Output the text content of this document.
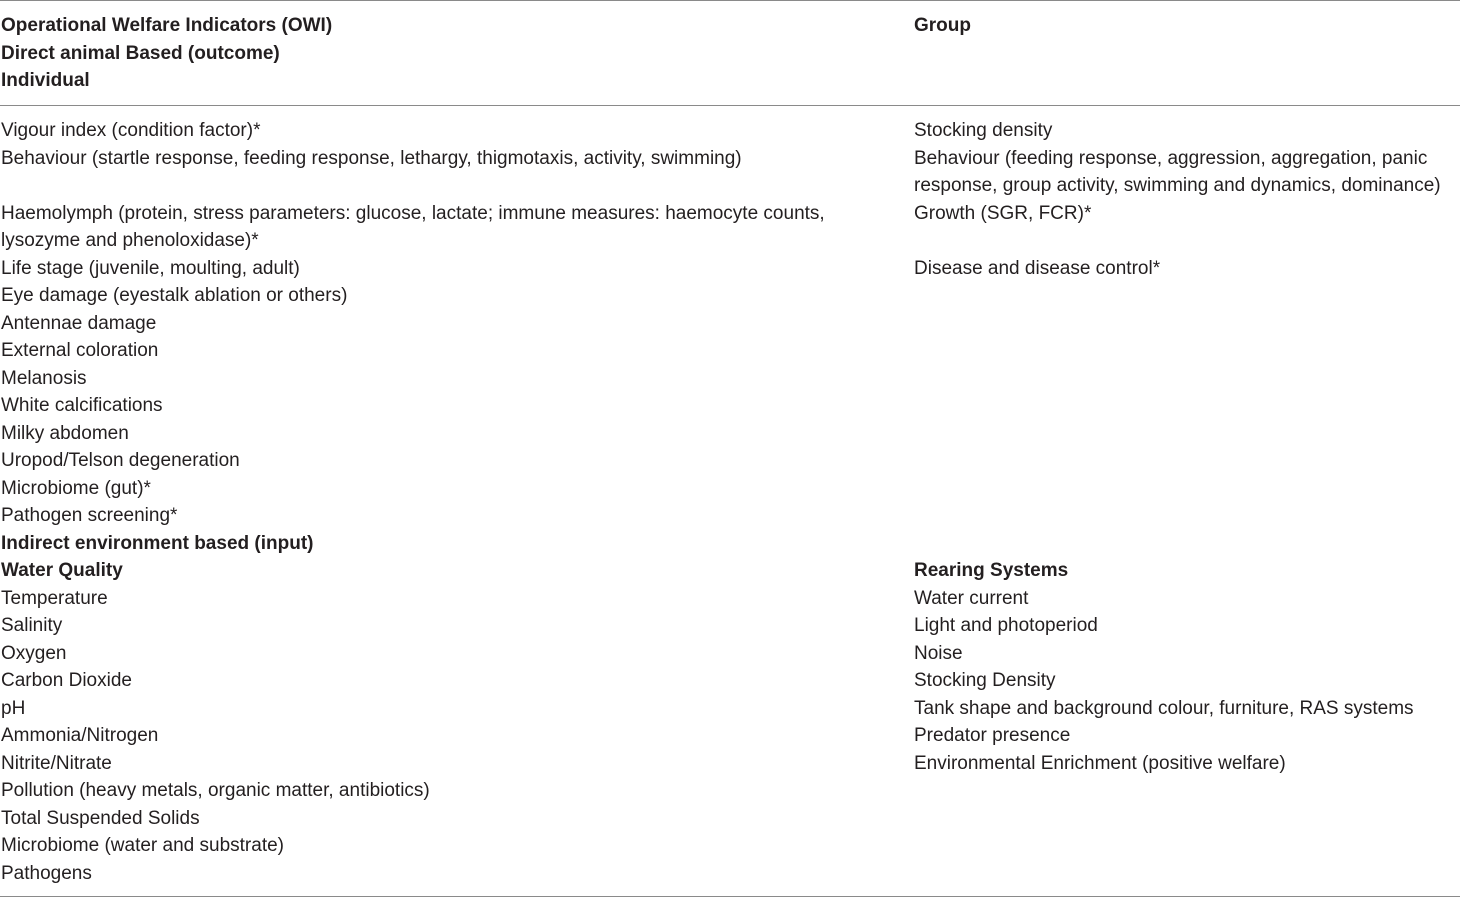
Operational Welfare Indicators (OWI)
Direct animal Based (outcome)
Individual
Group
Vigour index (condition factor)*
Behaviour (startle response, feeding response, lethargy, thigmotaxis, activity, swimming)
Haemolymph (protein, stress parameters: glucose, lactate; immune measures: haemocyte counts, lysozyme and phenoloxidase)*
Life stage (juvenile, moulting, adult)
Eye damage (eyestalk ablation or others)
Antennae damage
External coloration
Melanosis
White calcifications
Milky abdomen
Uropod/Telson degeneration
Microbiome (gut)*
Pathogen screening*
Indirect environment based (input)
Water Quality
Temperature
Salinity
Oxygen
Carbon Dioxide
pH
Ammonia/Nitrogen
Nitrite/Nitrate
Pollution (heavy metals, organic matter, antibiotics)
Total Suspended Solids
Microbiome (water and substrate)
Pathogens
Stocking density
Behaviour (feeding response, aggression, aggregation, panic response, group activity, swimming and dynamics, dominance)
Growth (SGR, FCR)*
Disease and disease control*
Rearing Systems
Water current
Light and photoperiod
Noise
Stocking Density
Tank shape and background colour, furniture, RAS systems
Predator presence
Environmental Enrichment (positive welfare)
